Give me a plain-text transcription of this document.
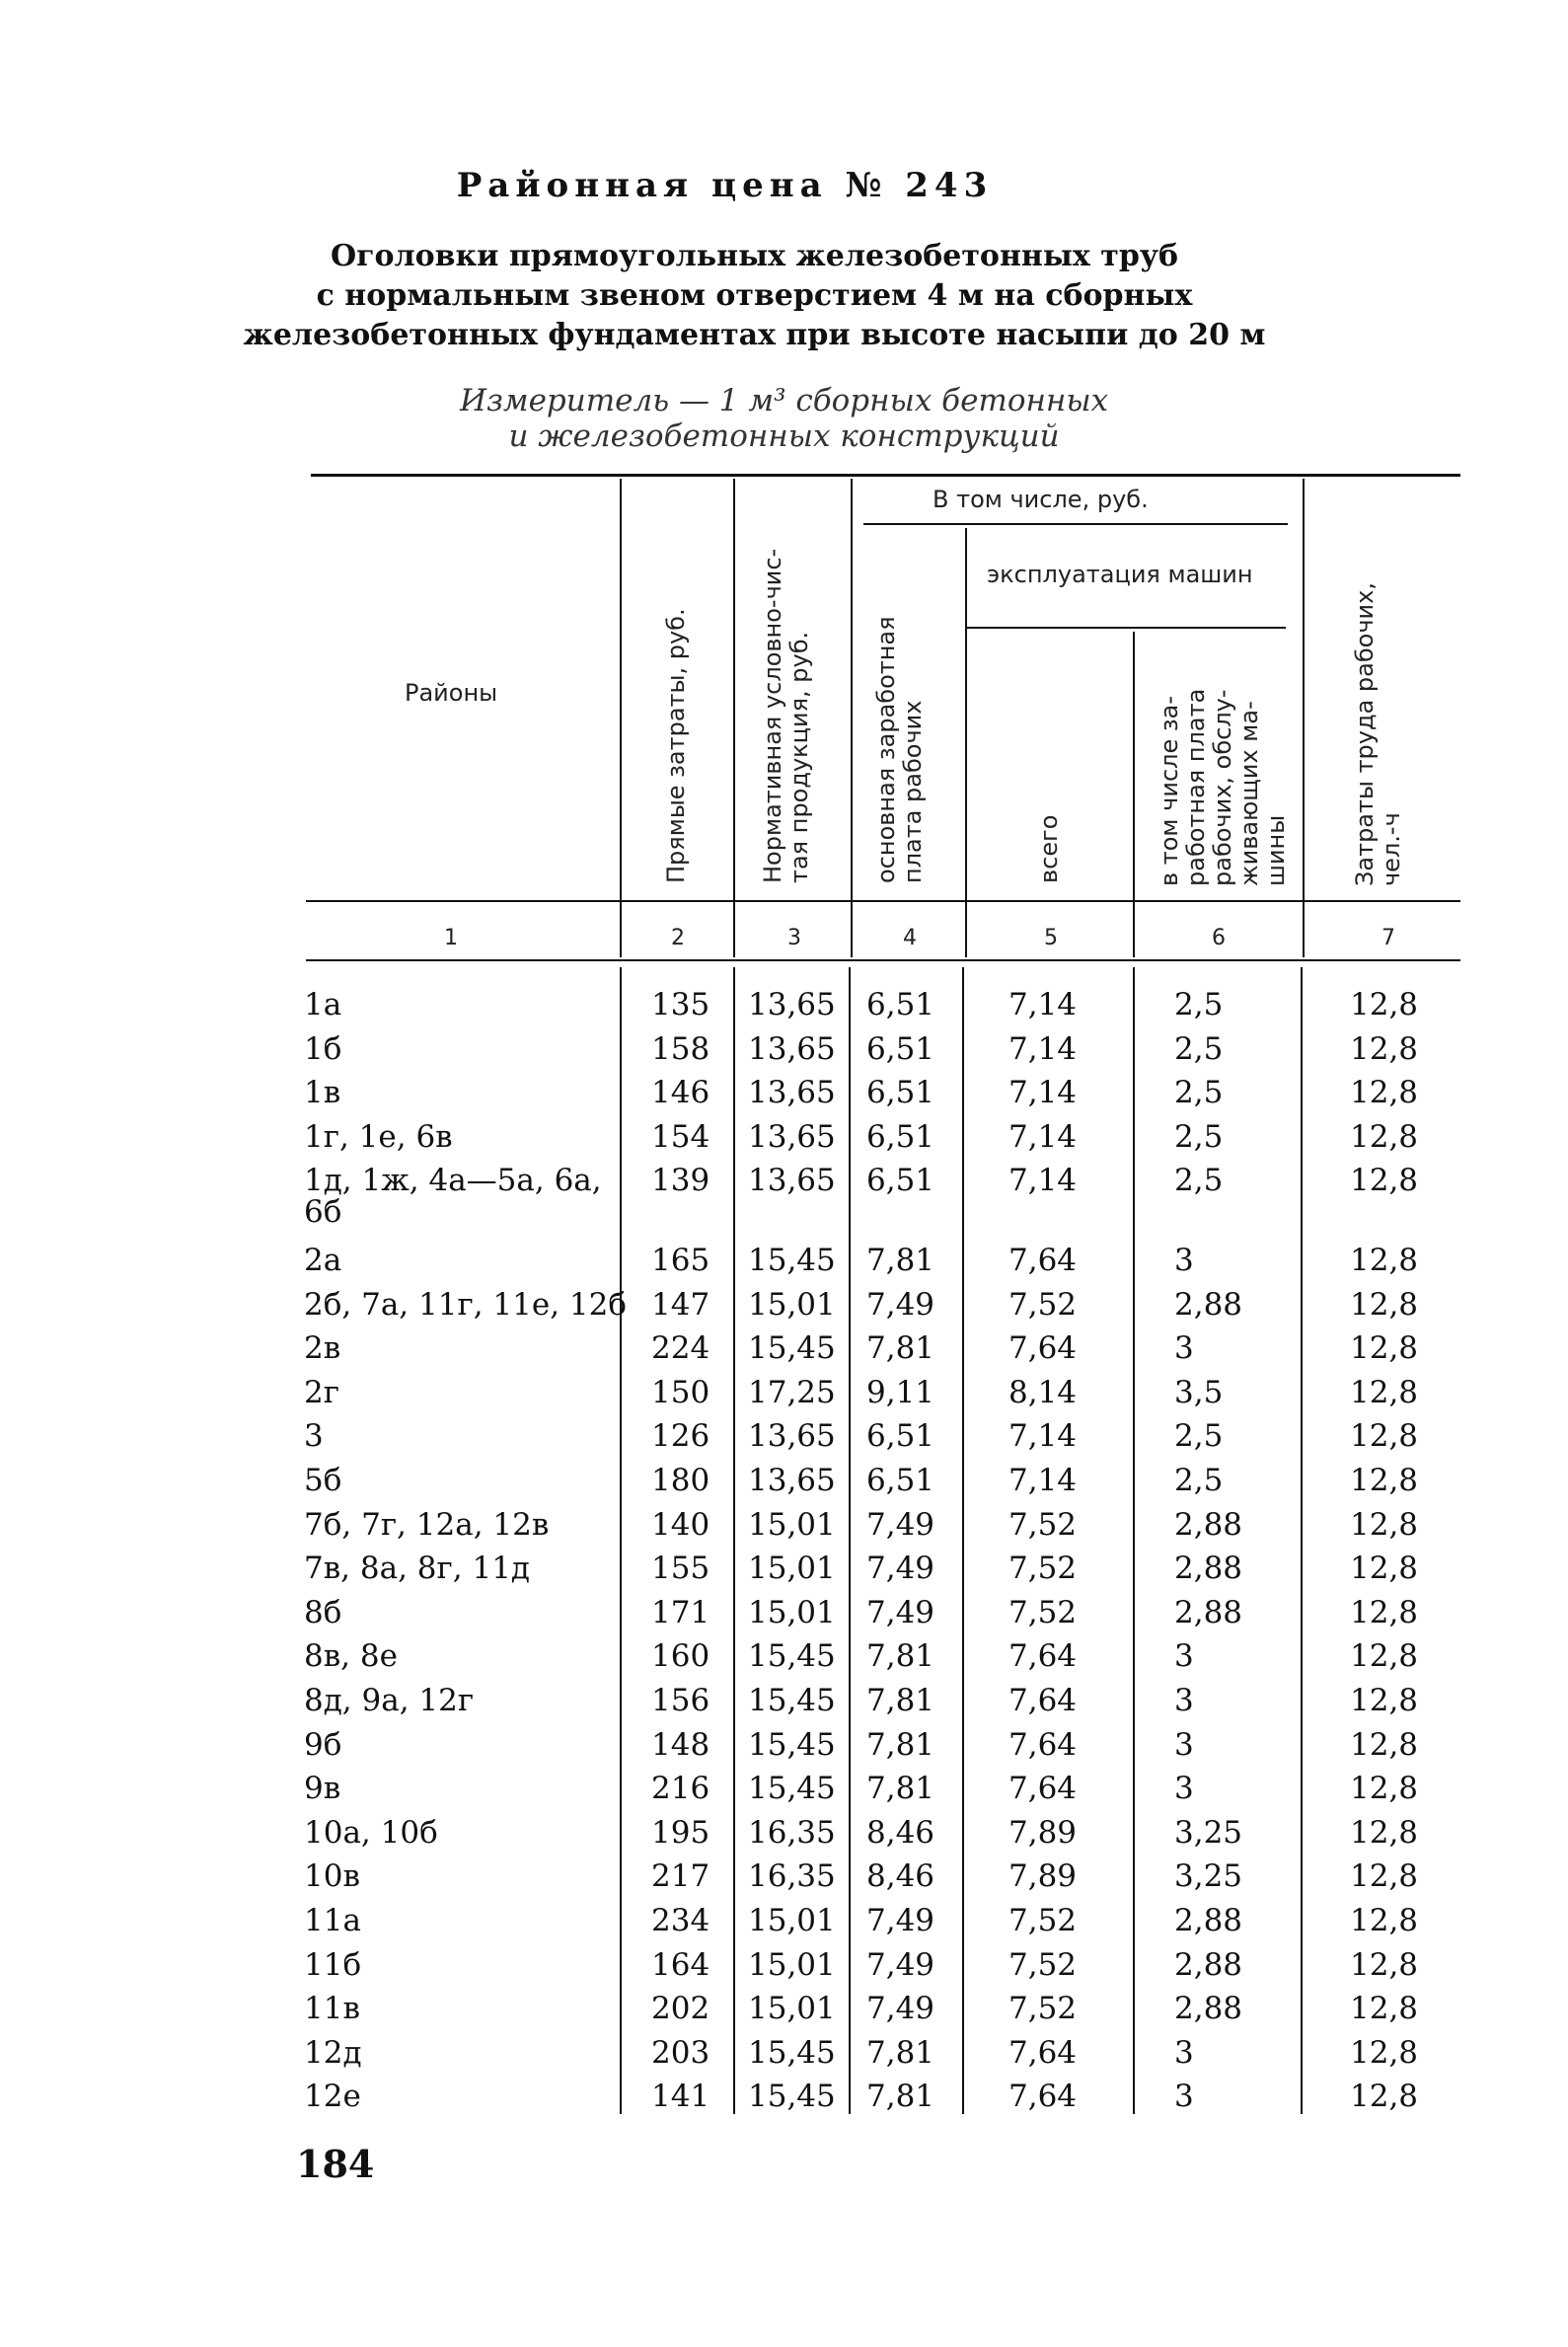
Районная цена № 243
Оголовки прямоугольных железобетонных труб
с нормальным звеном отверстием 4 м на сборных
железобетонных фундаментах при высоте насыпи до 20 м
Измеритель — 1 м³ сборных бетонных
и железобетонных конструкций
Районы	Прямые затраты, руб.	Нормативная условно-чис- тая продукция, руб.
В том числе, руб.
основная заработная плата рабочих
эксплуатация машин
всего	в том числе за- работная плата рабочих, обслу- живающих ма- шины	Затраты труда рабочих, чел.-ч
1	2	3	4	5	6	7
1а	135 13,65 6,51 7,14	2,5	12,8
1б	158 13,65 6,51 7,14	2,5	12,8
1в	146 13,65 6,51 7,14	2,5	12,8
1г, 1е, 6в	154 13,65 6,51 7,14	2,5	12,8
1д, 1ж, 4а—5а, 6а, 139 13,65 6,51 7,14	2,5	12,8
6б
2а	165 15,45 7,81 7,64	3	12,8
2б, 7а, 11г, 11е, 12б 147 15,01 7,49 7,52	2,88	12,8
2в	224 15,45 7,81 7,64	3	12,8
2г	150 17,25 9,11 8,14	3,5	12,8
3	126 13,65 6,51 7,14	2,5	12,8
5б	180 13,65 6,51 7,14	2,5	12,8
7б, 7г, 12а, 12в	140 15,01 7,49 7,52	2,88	12,8
7в, 8а, 8г, 11д	155 15,01 7,49 7,52	2,88	12,8
8б	171 15,01 7,49 7,52	2,88	12,8
8в, 8е	160 15,45 7,81 7,64	3	12,8
8д, 9а, 12г	156 15,45 7,81 7,64	3	12,8
9б	148 15,45 7,81 7,64	3	12,8
9в	216 15,45 7,81 7,64	3	12,8
10а, 10б	195 16,35 8,46 7,89	3,25	12,8
10в	217 16,35 8,46 7,89	3,25	12,8
11а	234 15,01 7,49 7,52	2,88	12,8
11б	164 15,01 7,49 7,52	2,88	12,8
11в	202 15,01 7,49 7,52	2,88	12,8
12д	203 15,45 7,81 7,64	3	12,8
12е	141 15,45 7,81 7,64	3	12,8
184
